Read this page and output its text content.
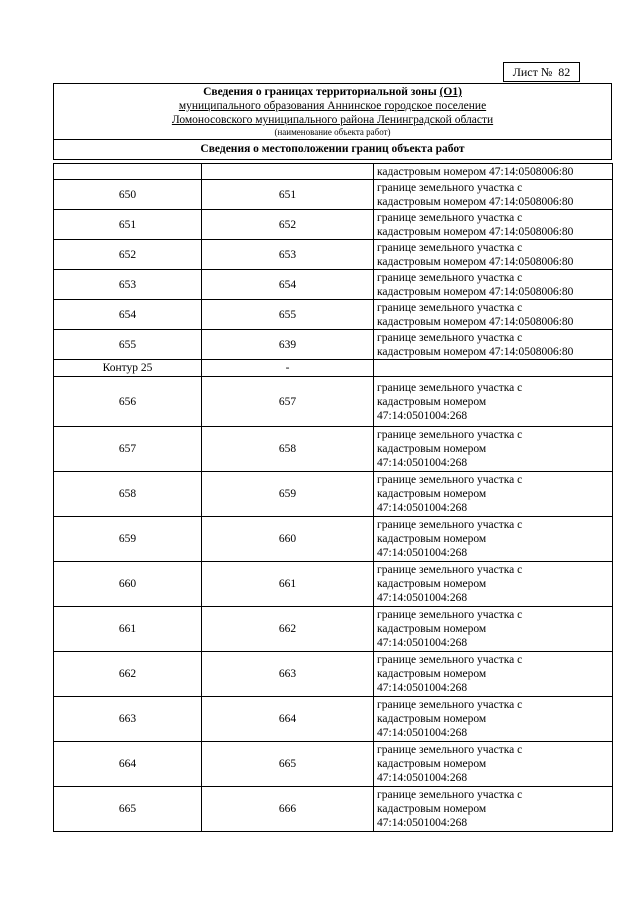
Лист № 82
Сведения о границах территориальной зоны (О1)
муниципального образования Аннинское городское поселение
Ломоносовского муниципального района Ленинградской области
(наименование объекта работ)
Сведения о местоположении границ объекта работ

		кадастровым номером 47:14:0508006:80

650	651	границе земельного участка с
кадастровым номером 47:14:0508006:80

651	652	границе земельного участка с
кадастровым номером 47:14:0508006:80

652	653	границе земельного участка с
кадастровым номером 47:14:0508006:80

653	654	границе земельного участка с
кадастровым номером 47:14:0508006:80

654	655	границе земельного участка с
кадастровым номером 47:14:0508006:80

655	639	границе земельного участка с
кадастровым номером 47:14:0508006:80

Контур 25	-	
656	657	границе земельного участка с
кадастровым номером
47:14:0501004:268

657	658	границе земельного участка с
кадастровым номером
47:14:0501004:268

658	659	границе земельного участка с
кадастровым номером
47:14:0501004:268

659	660	границе земельного участка с
кадастровым номером
47:14:0501004:268

660	661	границе земельного участка с
кадастровым номером
47:14:0501004:268

661	662	границе земельного участка с
кадастровым номером
47:14:0501004:268

662	663	границе земельного участка с
кадастровым номером
47:14:0501004:268

663	664	границе земельного участка с
кадастровым номером
47:14:0501004:268

664	665	границе земельного участка с
кадастровым номером
47:14:0501004:268

665	666	границе земельного участка с
кадастровым номером
47:14:0501004:268
